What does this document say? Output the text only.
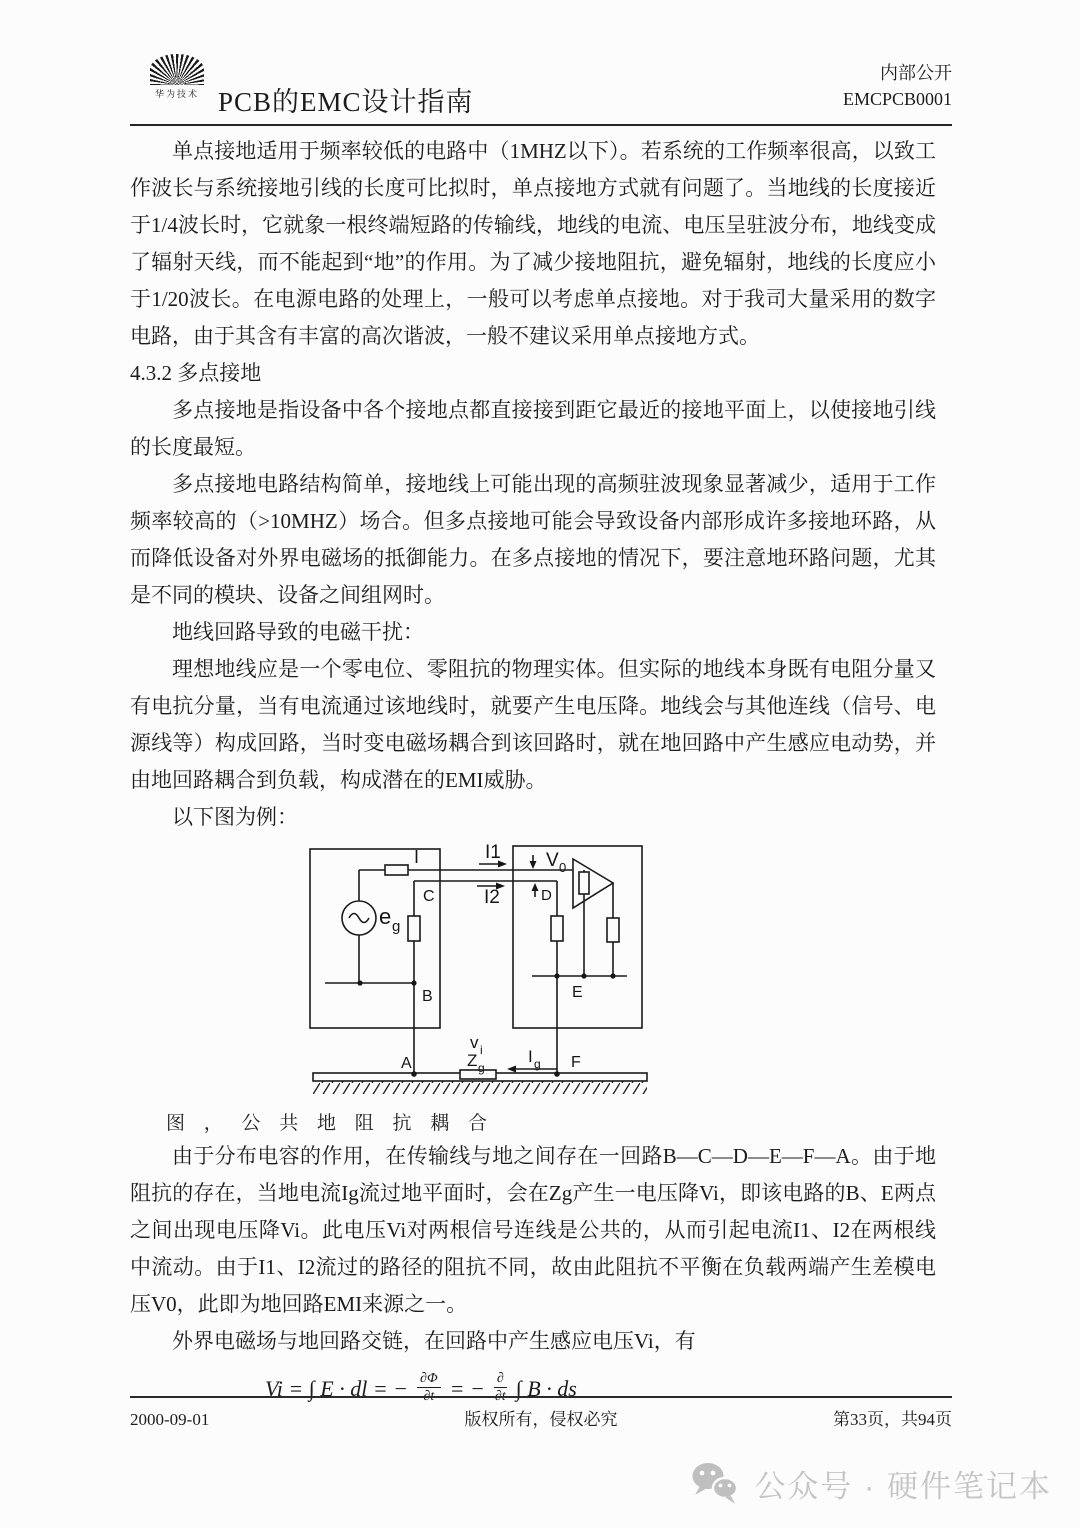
华为技术 PCB的EMC设计指南
内部公开
EMCPCB0001

单点接地适用于频率较低的电路中（1MHZ以下）。若系统的工作频率很高，以致工作波长与系统接地引线的长度可比拟时，单点接地方式就有问题了。当地线的长度接近于1/4波长时，它就象一根终端短路的传输线，地线的电流、电压呈驻波分布，地线变成了辐射天线，而不能起到“地”的作用。为了减少接地阻抗，避免辐射，地线的长度应小于1/20波长。在电源电路的处理上，一般可以考虑单点接地。对于我司大量采用的数字电路，由于其含有丰富的高次谐波，一般不建议采用单点接地方式。

4.3.2 多点接地

多点接地是指设备中各个接地点都直接接到距它最近的接地平面上，以使接地引线的长度最短。

多点接地电路结构简单，接地线上可能出现的高频驻波现象显著减少，适用于工作频率较高的（>10MHZ）场合。但多点接地可能会导致设备内部形成许多接地环路，从而降低设备对外界电磁场的抵御能力。在多点接地的情况下，要注意地环路问题，尤其是不同的模块、设备之间组网时。

地线回路导致的电磁干扰：

理想地线应是一个零电位、零阻抗的物理实体。但实际的地线本身既有电阻分量又有电抗分量，当有电流通过该地线时，就要产生电压降。地线会与其他连线（信号、电源线等）构成回路，当时变电磁场耦合到该回路时，就在地回路中产生感应电动势，并由地回路耦合到负载，构成潜在的EMI威胁。

以下图为例：

I	I1
I2
V 0
e g
C	D
B	E
A	F
v i
Z g
I g
图 ， 公 共 地 阻 抗 耦 合

由于分布电容的作用，在传输线与地之间存在一回路B—C—D—E—F—A。由于地阻抗的存在，当地电流Ig流过地平面时，会在Zg产生一电压降Vi，即该电路的B、E两点之间出现电压降Vi。此电压Vi对两根信号连线是公共的，从而引起电流I1、I2在两根线中流动。由于I1、I2流过的路径的阻抗不同，故由此阻抗不平衡在负载两端产生差模电压V0，此即为地回路EMI来源之一。

外界电磁场与地回路交链，在回路中产生感应电压Vi，有

Vi = ∫ E · dl = − $\frac{\partial\Phi}{\partial t}$ = − $\frac{\partial}{\partial t}$ ∫ B · ds
版权所有，侵权必究
2000-09-01	第33页，共94页
公众号 · 硬件笔记本
